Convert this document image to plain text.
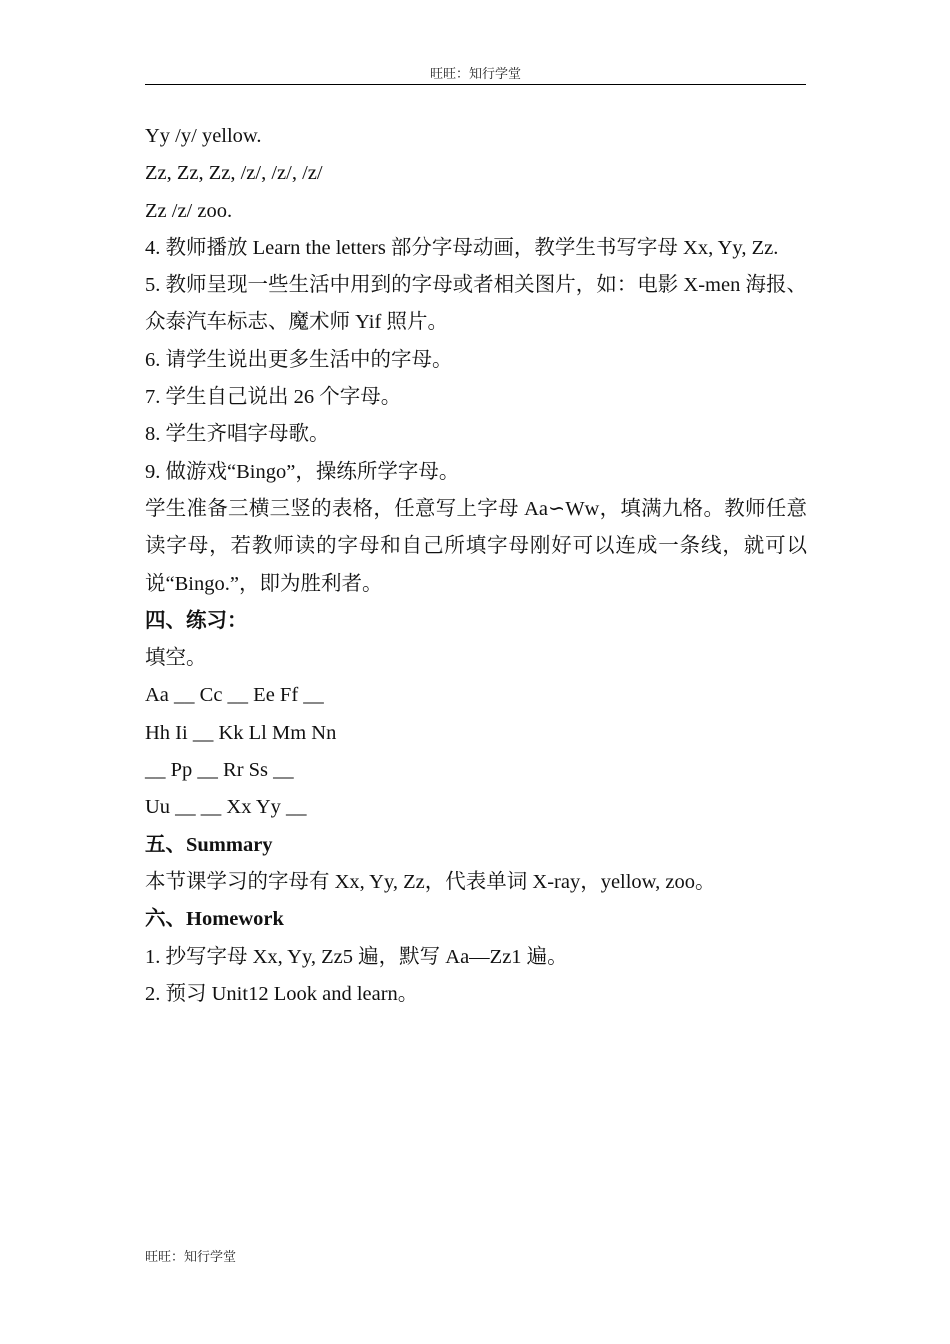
旺旺：知行学堂

Yy /y/ yellow.

Zz, Zz, Zz, /z/, /z/, /z/

Zz /z/ zoo.

4. 教师播放 Learn the letters 部分字母动画，教学生书写字母 Xx, Yy, Zz.

5. 教师呈现一些生活中用到的字母或者相关图片，如：电影 X-men 海报、众泰汽车标志、魔术师 Yif 照片。

6. 请学生说出更多生活中的字母。

7. 学生自己说出 26 个字母。

8. 学生齐唱字母歌。

9. 做游戏“Bingo”，操练所学字母。

学生准备三横三竖的表格，任意写上字母 Aa∽Ww，填满九格。教师任意读字母，若教师读的字母和自己所填字母刚好可以连成一条线，就可以说“Bingo.”，即为胜利者。

四、练习：

填空。

Aa __ Cc __ Ee Ff __

Hh Ii __ Kk Ll Mm Nn

__ Pp __ Rr Ss __

Uu __ __ Xx Yy __

五、Summary

本节课学习的字母有 Xx, Yy, Zz，代表单词 X-ray，yellow, zoo。

六、Homework

1. 抄写字母 Xx, Yy, Zz5 遍，默写 Aa—Zz1 遍。

2. 预习 Unit12 Look and learn。

旺旺：知行学堂
